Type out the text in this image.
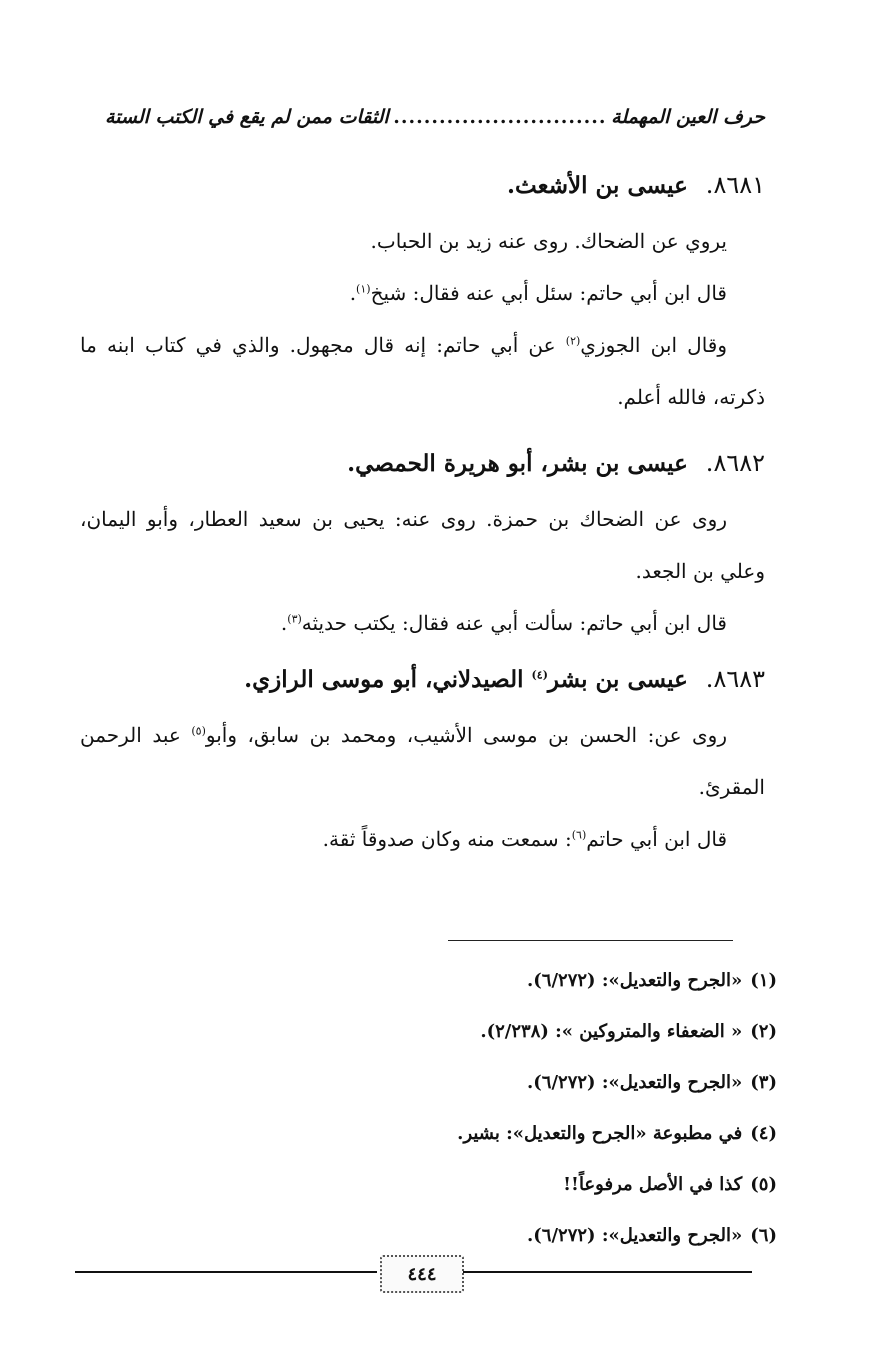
حرف العين المهملة
............................
الثقات ممن لم يقع في الكتب الستة
٨٦٨١.
عيسى بن الأشعث.

يروي عن الضحاك. روى عنه زيد بن الحباب.

قال ابن أبي حاتم: سئل أبي عنه فقال: شيخ$^{(١)}$.

وقال ابن الجوزي$^{(٢)}$ عن أبي حاتم: إنه قال مجهول. والذي في كتاب ابنه ما ذكرته، فالله أعلم.

٨٦٨٢.
عيسى بن بشر، أبو هريرة الحمصي.

روى عن الضحاك بن حمزة. روى عنه: يحيى بن سعيد العطار، وأبو اليمان، وعلي بن الجعد.

قال ابن أبي حاتم: سألت أبي عنه فقال: يكتب حديثه$^{(٣)}$.

٨٦٨٣.
عيسى بن بشر$^{(٤)}$ الصيدلاني، أبو موسى الرازي.

روى عن: الحسن بن موسى الأشيب، ومحمد بن سابق، وأبو$^{(٥)}$ عبد الرحمن المقرئ.

قال ابن أبي حاتم$^{(٦)}$: سمعت منه وكان صدوقاً ثقة.

(١)
«الجرح والتعديل»: (٦/٢٧٢).
(٢)
« الضعفاء والمتروكين »: (٢/٢٣٨).
(٣)
«الجرح والتعديل»: (٦/٢٧٢).
(٤)
في مطبوعة «الجرح والتعديل»: بشير.
(٥)
كذا في الأصل مرفوعاً!!
(٦)
«الجرح والتعديل»: (٦/٢٧٢).
٤٤٤
